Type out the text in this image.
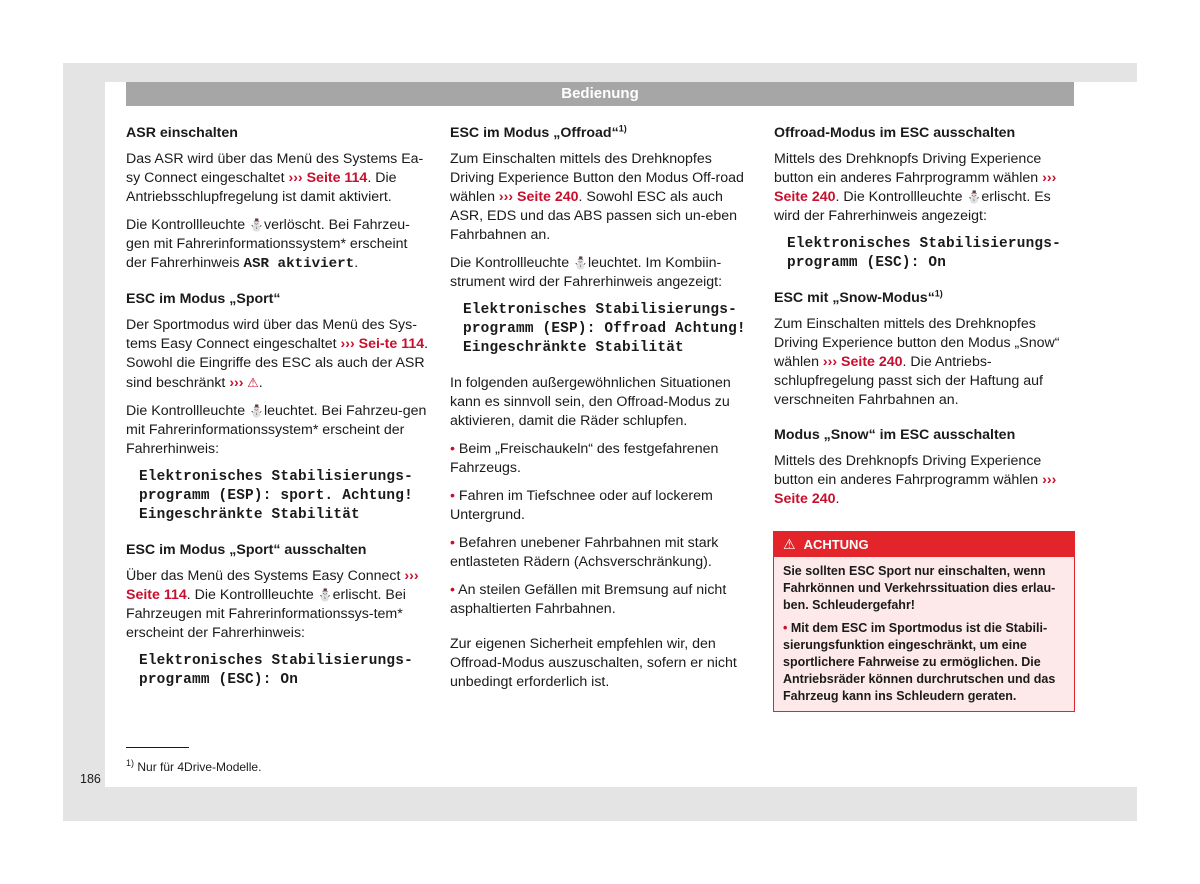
Bedienung
ASR einschalten

Das ASR wird über das Menü des Systems Ea-sy Connect eingeschaltet ››› Seite 114. Die Antriebsschlupfregelung ist damit aktiviert.

Die Kontrollleuchte ⛄ verlöscht. Bei Fahrzeu-gen mit Fahrerinformationssystem* erscheint der Fahrerhinweis ASR aktiviert.

ESC im Modus „Sport“

Der Sportmodus wird über das Menü des Sys-tems Easy Connect eingeschaltet ››› Sei-te 114. Sowohl die Eingriffe des ESC als auch der ASR sind beschränkt ››› ⚠.

Die Kontrollleuchte ⛄ leuchtet. Bei Fahrzeu-gen mit Fahrerinformationssystem* erscheint der Fahrerhinweis:

Elektronisches Stabilisierungs-
programm (ESP): sport. Achtung!
Eingeschränkte Stabilität
ESC im Modus „Sport“ ausschalten

Über das Menü des Systems Easy Connect ››› Seite 114. Die Kontrollleuchte ⛄ erlischt. Bei Fahrzeugen mit Fahrerinformationssys-tem* erscheint der Fahrerhinweis:

Elektronisches Stabilisierungs-
programm (ESC): On
ESC im Modus „Offroad“$^{1)}$

Zum Einschalten mittels des Drehknopfes Driving Experience Button den Modus Off-road wählen ››› Seite 240. Sowohl ESC als auch ASR, EDS und das ABS passen sich un-eben Fahrbahnen an.

Die Kontrollleuchte ⛄ leuchtet. Im Kombiin-strument wird der Fahrerhinweis angezeigt:

Elektronisches Stabilisierungs-
programm (ESP): Offroad Achtung!
Eingeschränkte Stabilität

In folgenden außergewöhnlichen Situationen kann es sinnvoll sein, den Offroad-Modus zu aktivieren, damit die Räder schlupfen.

• Beim „Freischaukeln“ des festgefahrenen Fahrzeugs.
• Fahren im Tiefschnee oder auf lockerem Untergrund.
• Befahren unebener Fahrbahnen mit stark entlasteten Rädern (Achsverschränkung).
• An steilen Gefällen mit Bremsung auf nicht asphaltierten Fahrbahnen.

Zur eigenen Sicherheit empfehlen wir, den Offroad-Modus auszuschalten, sofern er nicht unbedingt erforderlich ist.

Offroad-Modus im ESC ausschalten

Mittels des Drehknopfs Driving Experience button ein anderes Fahrprogramm wählen ››› Seite 240. Die Kontrollleuchte ⛄ erlischt. Es wird der Fahrerhinweis angezeigt:

Elektronisches Stabilisierungs-
programm (ESC): On
ESC mit „Snow-Modus“$^{1)}$

Zum Einschalten mittels des Drehknopfes Driving Experience button den Modus „Snow“ wählen ››› Seite 240. Die Antriebs-schlupfregelung passt sich der Haftung auf verschneiten Fahrbahnen an.

Modus „Snow“ im ESC ausschalten

Mittels des Drehknopfs Driving Experience button ein anderes Fahrprogramm wählen ››› Seite 240.

⚠ ACHTUNG

Sie sollten ESC Sport nur einschalten, wenn Fahrkönnen und Verkehrssituation dies erlau-ben. Schleudergefahr!

• Mit dem ESC im Sportmodus ist die Stabili-sierungsfunktion eingeschränkt, um eine sportlichere Fahrweise zu ermöglichen. Die Antriebsräder können durchrutschen und das Fahrzeug kann ins Schleudern geraten.

$^{1)}$ Nur für 4Drive-Modelle.
186
